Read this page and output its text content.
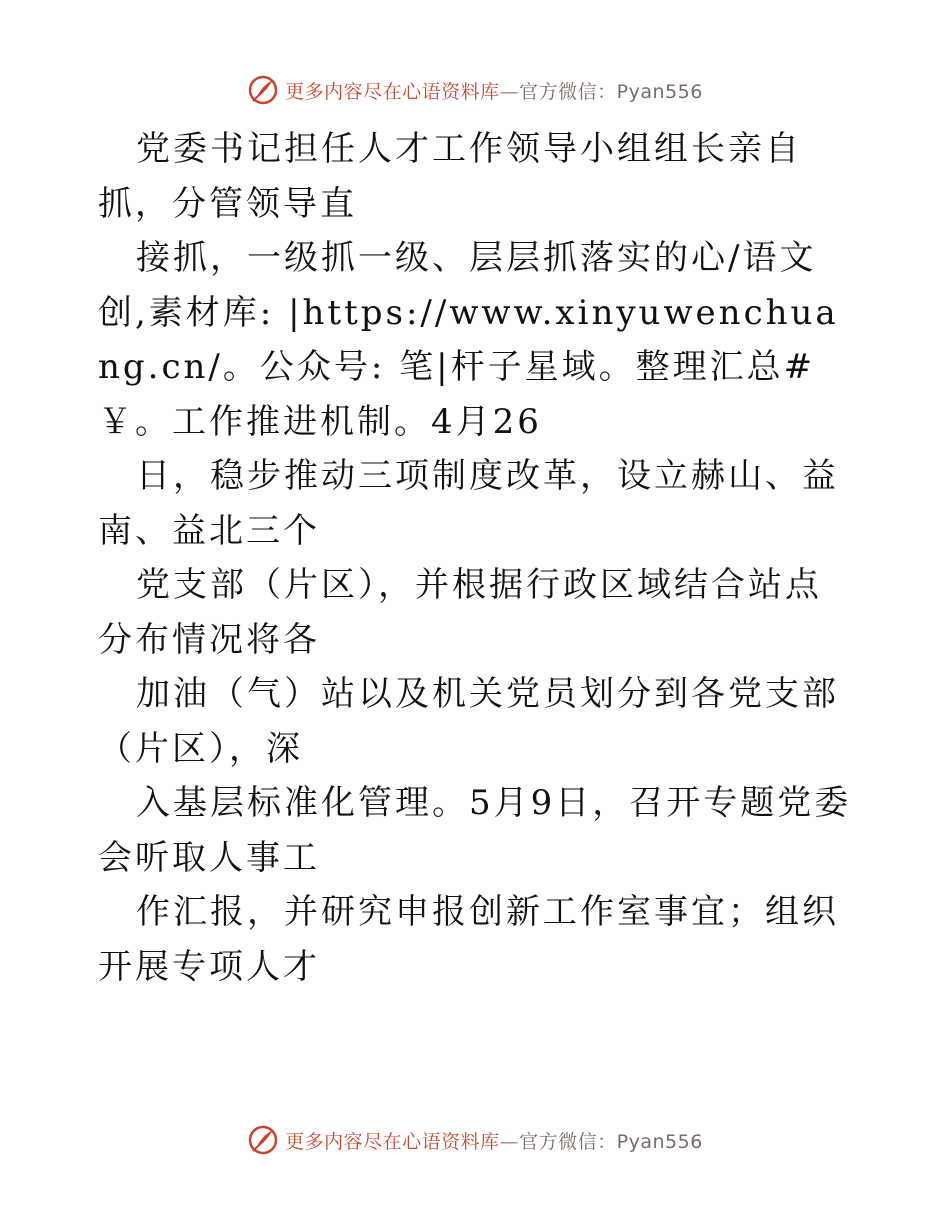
更多内容尽在心语资料库—官方微信：Pyan556

党委书记担任人才工作领导小组组长亲自抓，分管领导直

接抓，一级抓一级、层层抓落实的心/语文创,素材库: |https://www.xinyuwenchuang.cn/。公众号: 笔|杆子星域。整理汇总#￥。工作推进机制。4月26

日，稳步推动三项制度改革，设立赫山、益南、益北三个

党支部（片区），并根据行政区域结合站点分布情况将各

加油（气）站以及机关党员划分到各党支部（片区），深

入基层标准化管理。5月9日，召开专题党委会听取人事工

作汇报，并研究申报创新工作室事宜；组织开展专项人才

更多内容尽在心语资料库—官方微信：Pyan556
